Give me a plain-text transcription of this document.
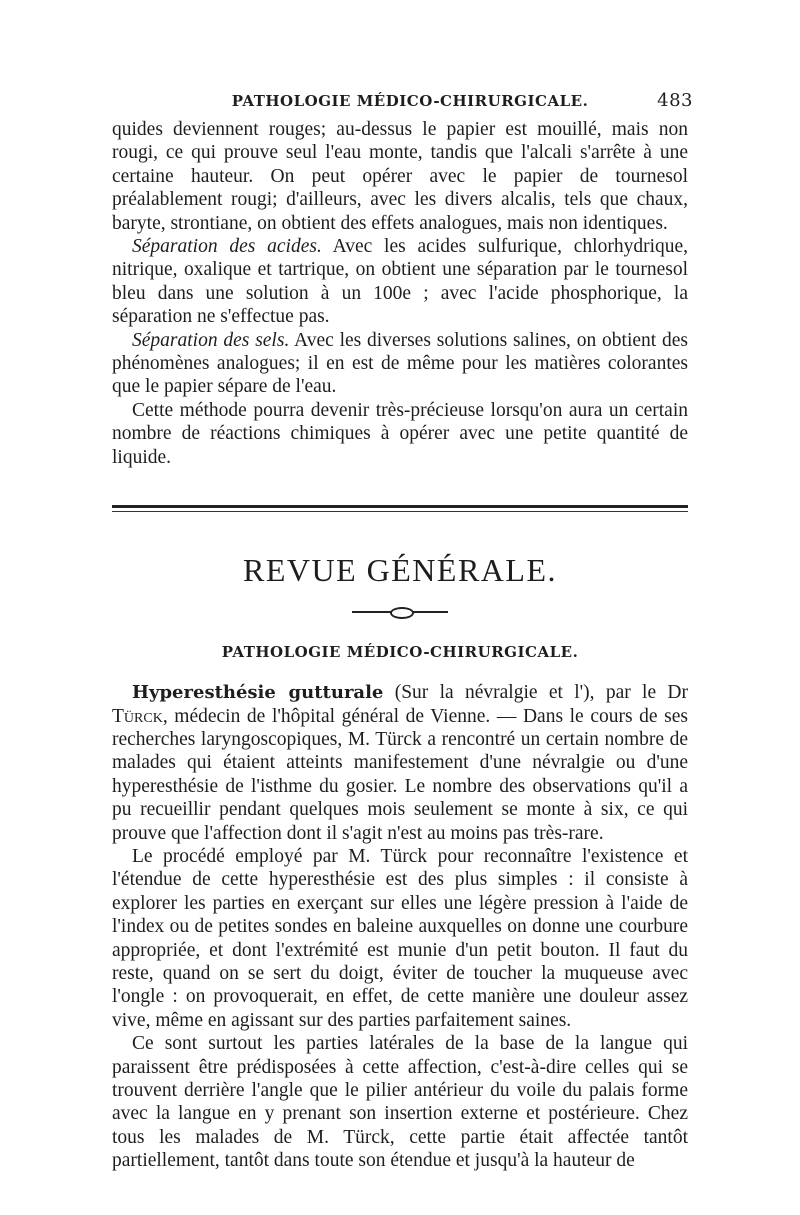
PATHOLOGIE MÉDICO-CHIRURGICALE.	483

quides deviennent rouges; au-dessus le papier est mouillé, mais non rougi, ce qui prouve seul l'eau monte, tandis que l'alcali s'arrête à une certaine hauteur. On peut opérer avec le papier de tournesol préalablement rougi; d'ailleurs, avec les divers alcalis, tels que chaux, baryte, strontiane, on obtient des effets analogues, mais non identiques.

Séparation des acides. Avec les acides sulfurique, chlorhydrique, nitrique, oxalique et tartrique, on obtient une séparation par le tournesol bleu dans une solution à un 100e ; avec l'acide phosphorique, la séparation ne s'effectue pas.

Séparation des sels. Avec les diverses solutions salines, on obtient des phénomènes analogues; il en est de même pour les matières colorantes que le papier sépare de l'eau.

Cette méthode pourra devenir très-précieuse lorsqu'on aura un certain nombre de réactions chimiques à opérer avec une petite quantité de liquide.

REVUE GÉNÉRALE.
PATHOLOGIE MÉDICO-CHIRURGICALE.

Hyperesthésie gutturale (Sur la névralgie et l'), par le Dr Türck, médecin de l'hôpital général de Vienne. — Dans le cours de ses recherches laryngoscopiques, M. Türck a rencontré un certain nombre de malades qui étaient atteints manifestement d'une névralgie ou d'une hyperesthésie de l'isthme du gosier. Le nombre des observations qu'il a pu recueillir pendant quelques mois seulement se monte à six, ce qui prouve que l'affection dont il s'agit n'est au moins pas très-rare.

Le procédé employé par M. Türck pour reconnaître l'existence et l'étendue de cette hyperesthésie est des plus simples : il consiste à explorer les parties en exerçant sur elles une légère pression à l'aide de l'index ou de petites sondes en baleine auxquelles on donne une courbure appropriée, et dont l'extrémité est munie d'un petit bouton. Il faut du reste, quand on se sert du doigt, éviter de toucher la muqueuse avec l'ongle : on provoquerait, en effet, de cette manière une douleur assez vive, même en agissant sur des parties parfaitement saines.

Ce sont surtout les parties latérales de la base de la langue qui paraissent être prédisposées à cette affection, c'est-à-dire celles qui se trouvent derrière l'angle que le pilier antérieur du voile du palais forme avec la langue en y prenant son insertion externe et postérieure. Chez tous les malades de M. Türck, cette partie était affectée tantôt partiellement, tantôt dans toute son étendue et jusqu'à la hauteur de
